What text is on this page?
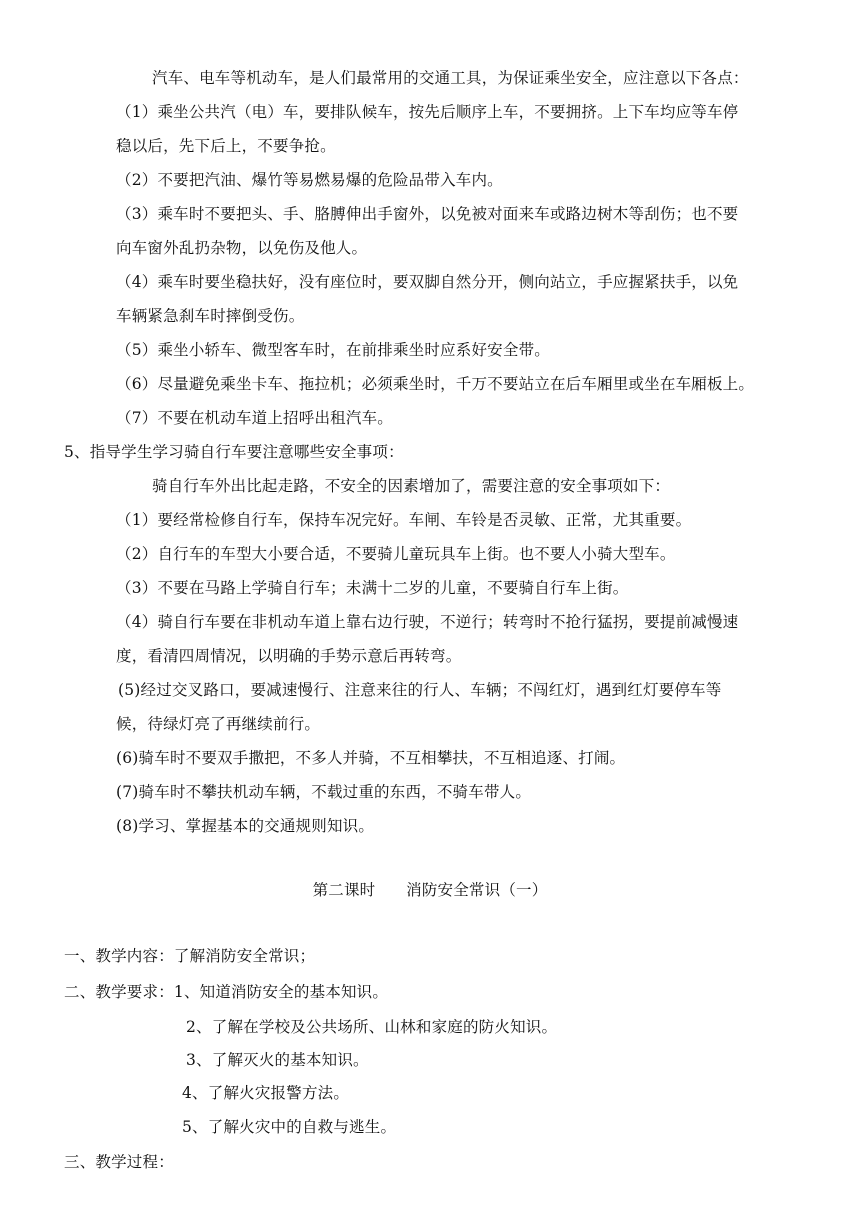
汽车、电车等机动车，是人们最常用的交通工具，为保证乘坐安全，应注意以下各点：
（1）乘坐公共汽（电）车，要排队候车，按先后顺序上车，不要拥挤。上下车均应等车停
稳以后，先下后上，不要争抢。
（2）不要把汽油、爆竹等易燃易爆的危险品带入车内。
（3）乘车时不要把头、手、胳膊伸出手窗外，以免被对面来车或路边树木等刮伤；也不要
向车窗外乱扔杂物，以免伤及他人。
（4）乘车时要坐稳扶好，没有座位时，要双脚自然分开，侧向站立，手应握紧扶手，以免
车辆紧急刹车时摔倒受伤。
（5）乘坐小轿车、微型客车时，在前排乘坐时应系好安全带。
（6）尽量避免乘坐卡车、拖拉机；必须乘坐时，千万不要站立在后车厢里或坐在车厢板上。
（7）不要在机动车道上招呼出租汽车。
5、指导学生学习骑自行车要注意哪些安全事项：
骑自行车外出比起走路，不安全的因素增加了，需要注意的安全事项如下：
（1）要经常检修自行车，保持车况完好。车闸、车铃是否灵敏、正常，尤其重要。
（2）自行车的车型大小要合适，不要骑儿童玩具车上街。也不要人小骑大型车。
（3）不要在马路上学骑自行车；未满十二岁的儿童，不要骑自行车上街。
（4）骑自行车要在非机动车道上靠右边行驶，不逆行；转弯时不抢行猛拐，要提前减慢速
度，看清四周情况，以明确的手势示意后再转弯。
(5)经过交叉路口，要减速慢行、注意来往的行人、车辆；不闯红灯，遇到红灯要停车等
候，待绿灯亮了再继续前行。
(6)骑车时不要双手撒把，不多人并骑，不互相攀扶，不互相追逐、打闹。
(7)骑车时不攀扶机动车辆，不载过重的东西，不骑车带人。
(8)学习、掌握基本的交通规则知识。
第二课时      消防安全常识（一）
一、教学内容：了解消防安全常识；
二、教学要求：1、知道消防安全的基本知识。
2、了解在学校及公共场所、山林和家庭的防火知识。
3、了解灭火的基本知识。
4、了解火灾报警方法。
5、了解火灾中的自救与逃生。
三、教学过程：
